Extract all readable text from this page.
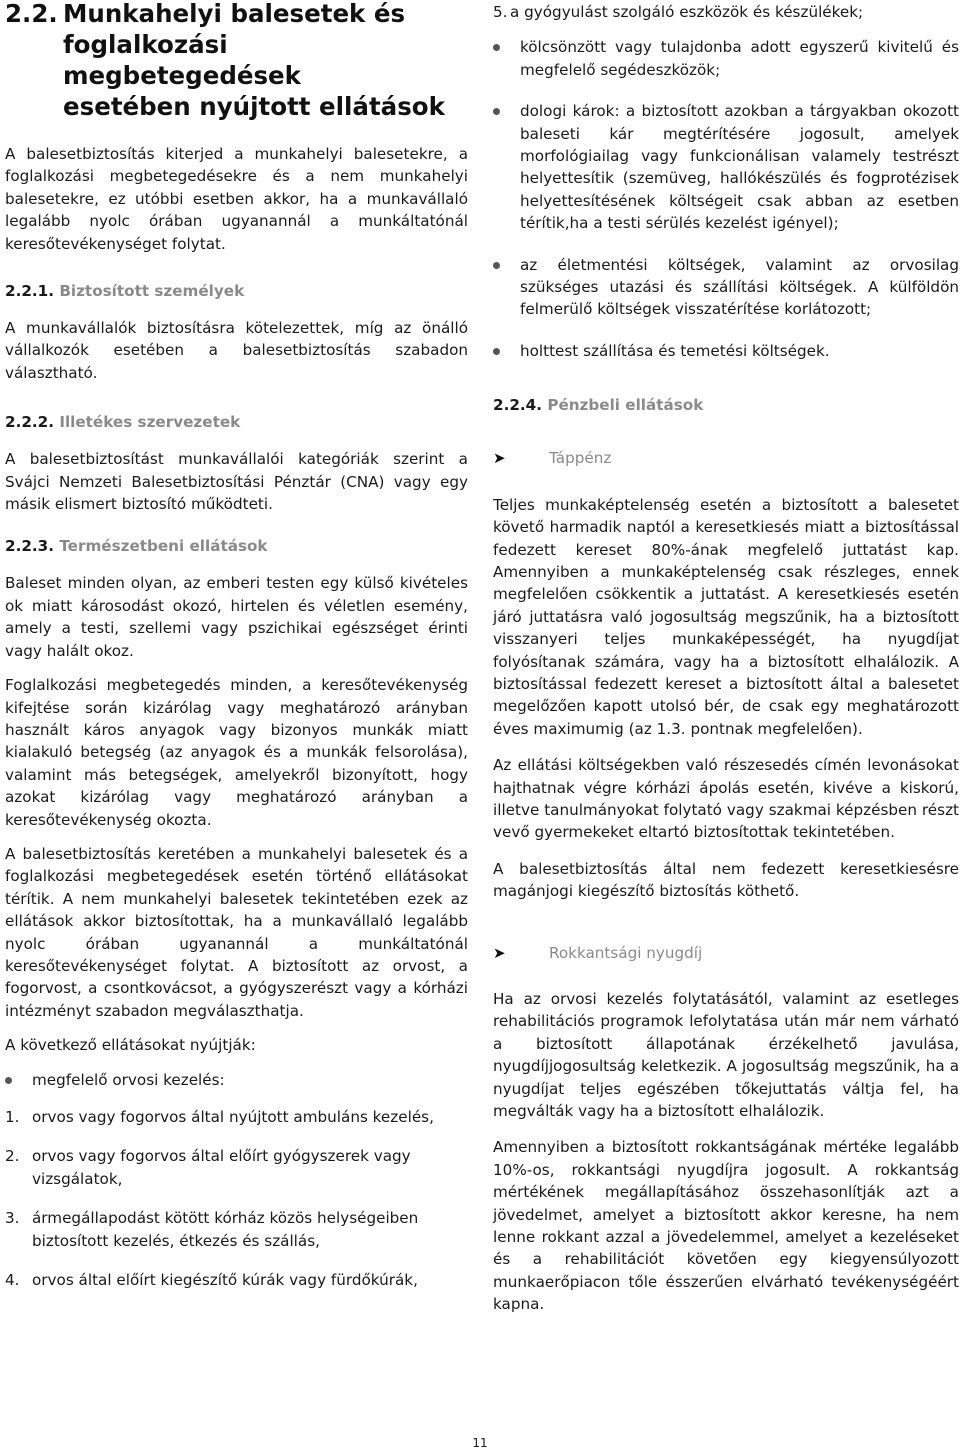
2.2. Munkahelyi balesetek és
foglalkozási megbetegedések
esetében nyújtott ellátások

A balesetbiztosítás kiterjed a munkahelyi balesetekre, a foglalkozási megbetegedésekre és a nem munkahelyi balesetekre, ez utóbbi esetben akkor, ha a munkavállaló legalább nyolc órában ugyanannál a munkáltatónál keresőtevékenységet folytat.

2.2.1. Biztosított személyek

A munkavállalók biztosításra kötelezettek, míg az önálló vállalkozók esetében a balesetbiztosítás szabadon választható.

2.2.2. Illetékes szervezetek

A balesetbiztosítást munkavállalói kategóriák szerint a Svájci Nemzeti Balesetbiztosítási Pénztár (CNA) vagy egy másik elismert biztosító működteti.

2.2.3. Természetbeni ellátások

Baleset minden olyan, az emberi testen egy külső kivételes ok miatt károsodást okozó, hirtelen és véletlen esemény, amely a testi, szellemi vagy pszichikai egészséget érinti vagy halált okoz.

Foglalkozási megbetegedés minden, a keresőtevékenység kifejtése során kizárólag vagy meghatározó arányban használt káros anyagok vagy bizonyos munkák miatt kialakuló betegség (az anyagok és a munkák felsorolása), valamint más betegségek, amelyekről bizonyított, hogy azokat kizárólag vagy meghatározó arányban a keresőtevékenység okozta.

A balesetbiztosítás keretében a munkahelyi balesetek és a foglalkozási megbetegedések esetén történő ellátásokat térítik. A nem munkahelyi balesetek tekintetében ezek az ellátások akkor biztosítottak, ha a munkavállaló legalább nyolc órában ugyanannál a munkáltatónál keresőtevékenységet folytat. A biztosított az orvost, a fogorvost, a csontkovácsot, a gyógyszerészt vagy a kórházi intézményt szabadon megválaszthatja.

A következő ellátásokat nyújtják:

megfelelő orvosi kezelés:
1. orvos vagy fogorvos által nyújtott ambuláns kezelés,
2. orvos vagy fogorvos által előírt gyógyszerek vagy vizsgálatok,
3. ármegállapodást kötött kórház közös helységeiben biztosított kezelés, étkezés és szállás,
4. orvos által előírt kiegészítő kúrák vagy fürdőkúrák,
5. a gyógyulást szolgáló eszközök és készülékek;
kölcsönzött vagy tulajdonba adott egyszerű kivitelű és megfelelő segédeszközök;
dologi károk: a biztosított azokban a tárgyakban okozott baleseti kár megtérítésére jogosult, amelyek morfológiailag vagy funkcionálisan valamely testrészt helyettesítik (szemüveg, hallókészülés és fogprotézisek helyettesítésének költségeit csak abban az esetben térítik,ha a testi sérülés kezelést igényel);
az életmentési költségek, valamint az orvosilag szükséges utazási és szállítási költségek. A külföldön felmerülő költségek visszatérítése korlátozott;
holttest szállítása és temetési költségek.
2.2.4. Pénzbeli ellátások
➤	Táppénz

Teljes munkaképtelenség esetén a biztosított a balesetet követő harmadik naptól a keresetkiesés miatt a biztosítással fedezett kereset 80%-ának megfelelő juttatást kap. Amennyiben a munkaképtelenség csak részleges, ennek megfelelően csökkentik a juttatást. A keresetkiesés esetén járó juttatásra való jogosultság megszűnik, ha a biztosított visszanyeri teljes munkaképességét, ha nyugdíjat folyósítanak számára, vagy ha a biztosított elhalálozik. A biztosítással fedezett kereset a biztosított által a balesetet megelőzően kapott utolsó bér, de csak egy meghatározott éves maximumig (az 1.3. pontnak megfelelően).

Az ellátási költségekben való részesedés címén levonásokat hajthatnak végre kórházi ápolás esetén, kivéve a kiskorú, illetve tanulmányokat folytató vagy szakmai képzésben részt vevő gyermekeket eltartó biztosítottak tekintetében.

A balesetbiztosítás által nem fedezett keresetkiesésre magánjogi kiegészítő biztosítás köthető.

➤	Rokkantsági nyugdíj

Ha az orvosi kezelés folytatásától, valamint az esetleges rehabilitációs programok lefolytatása után már nem várható a biztosított állapotának érzékelhető javulása, nyugdíjjogosultság keletkezik. A jogosultság megszűnik, ha a nyugdíjat teljes egészében tőkejuttatás váltja fel, ha megválták vagy ha a biztosított elhalálozik.

Amennyiben a biztosított rokkantságának mértéke legalább 10%-os, rokkantsági nyugdíjra jogosult. A rokkantság mértékének megállapításához összehasonlítják azt a jövedelmet, amelyet a biztosított akkor keresne, ha nem lenne rokkant azzal a jövedelemmel, amelyet a kezeléseket és a rehabilitációt követően egy kiegyensúlyozott munkaerőpiacon tőle ésszerűen elvárható tevékenységéért kapna.

11
